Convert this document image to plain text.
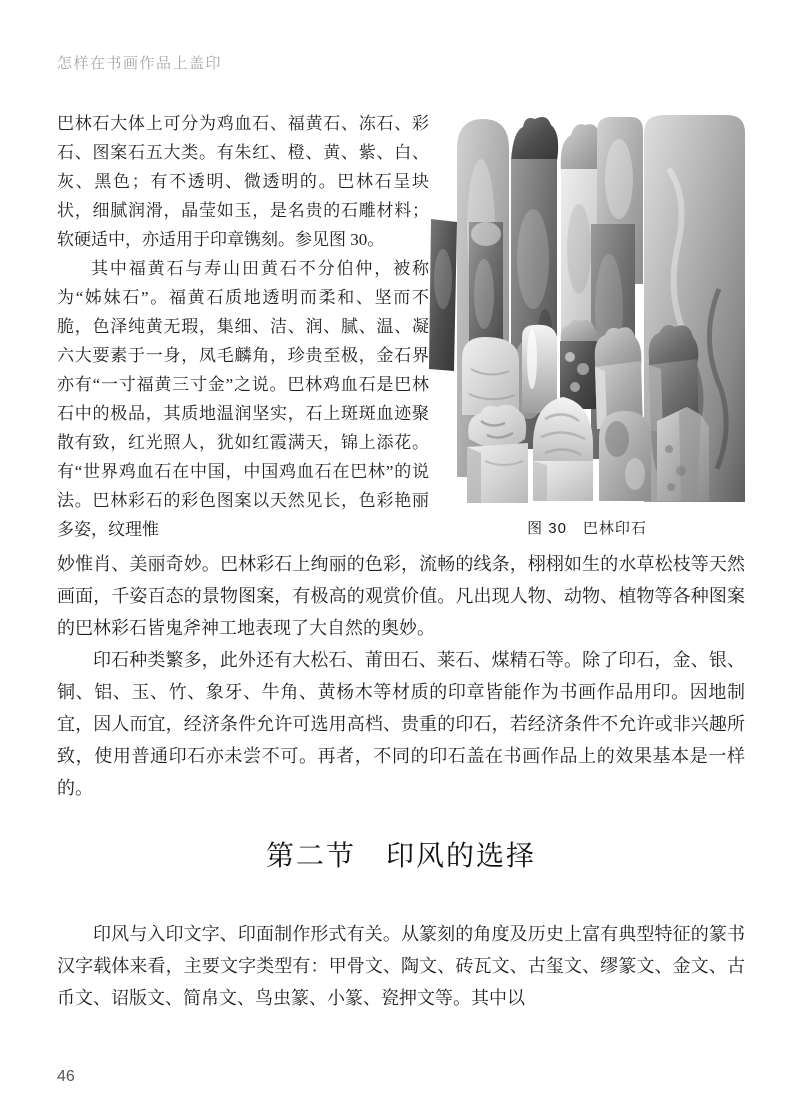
怎样在书画作品上盖印

巴林石大体上可分为鸡血石、福黄石、冻石、彩石、图案石五大类。有朱红、橙、黄、紫、白、灰、黑色；有不透明、微透明的。巴林石呈块状，细腻润滑，晶莹如玉，是名贵的石雕材料；软硬适中，亦适用于印章镌刻。参见图 30。

其中福黄石与寿山田黄石不分伯仲，被称为“姊妹石”。福黄石质地透明而柔和、坚而不脆，色泽纯黄无瑕，集细、洁、润、腻、温、凝六大要素于一身，凤毛麟角，珍贵至极，金石界亦有“一寸福黄三寸金”之说。巴林鸡血石是巴林石中的极品，其质地温润坚实，石上斑斑血迹聚散有致，红光照人，犹如红霞满天，锦上添花。有“世界鸡血石在中国，中国鸡血石在巴林”的说法。巴林彩石的彩色图案以天然见长，色彩艳丽多姿，纹理惟	图 30　巴林印石

妙惟肖、美丽奇妙。巴林彩石上绚丽的色彩，流畅的线条，栩栩如生的水草松枝等天然画面，千姿百态的景物图案，有极高的观赏价值。凡出现人物、动物、植物等各种图案的巴林彩石皆鬼斧神工地表现了大自然的奥妙。

印石种类繁多，此外还有大松石、莆田石、莱石、煤精石等。除了印石，金、银、铜、铝、玉、竹、象牙、牛角、黄杨木等材质的印章皆能作为书画作品用印。因地制宜，因人而宜，经济条件允许可选用高档、贵重的印石，若经济条件不允许或非兴趣所致，使用普通印石亦未尝不可。再者，不同的印石盖在书画作品上的效果基本是一样的。

第二节　印风的选择

印风与入印文字、印面制作形式有关。从篆刻的角度及历史上富有典型特征的篆书汉字载体来看，主要文字类型有：甲骨文、陶文、砖瓦文、古玺文、缪篆文、金文、古币文、诏版文、简帛文、鸟虫篆、小篆、瓷押文等。其中以

46
